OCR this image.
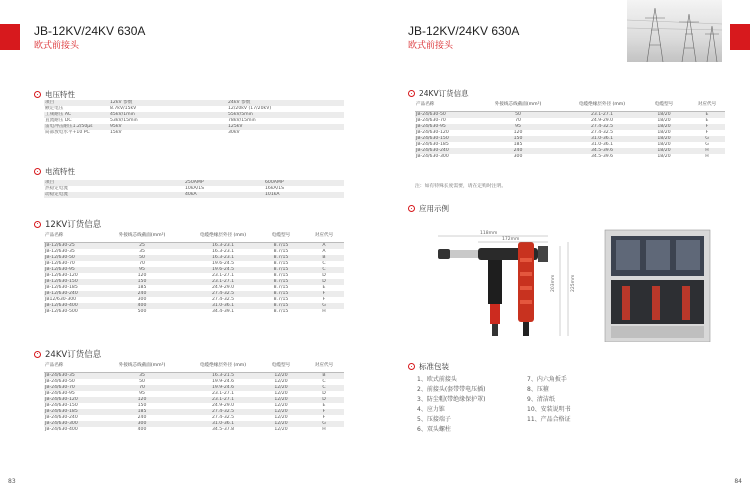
JB-12KV/24KV 630A
欧式前接头
电压特性
项目	12kV 参数	24kV 参数
额定电压	8.7kV/15kV	12/20kV (17/20kV)
工频耐压 AC	45kV/1min	55kV/5min
直流耐压 DC	53kV/15min	78kV/15min
雷电冲击耐压1.2/50μs	95kV	125kV
局部放电水平+10 PC	15kV	30kV
电流特性
项目	250AMP	600AMP
热稳定电流	10kA/1S	16kA/1S
动稳定电流	40kA	101kA
12KV订货信息
产品名称	外接线芯线截面(mm²)	电缆绝缘层外径 (mm)	电缆型号	对应代号
JB-12/630-25	25	16.3-23.1	8.7/15	A
JB-12/630-35	35	16.3-23.1	8.7/15	A
JB-12/630-50	50	16.3-23.1	8.7/15	B
JB-12/630-70	70	19.6-24.5	8.7/15	C
JB-12/630-95	95	19.6-24.5	8.7/15	C
JB-12/630-120	120	23.1-27.1	8.7/15	D
JB-12/630-150	150	23.1-27.1	8.7/15	D
JB-12/630-185	185	24.9-29.0	8.7/15	E
JB-12/630-240	240	27.4-32.5	8.7/15	F
JB12/630-300	300	27.4-32.5	8.7/15	F
JB-12/630-400	400	31.0-36.1	8.7/15	G
JB-12/630-500	500	34.4-39.1	8.7/15	H
24KV订货信息
产品名称	外接线芯线截面(mm²)	电缆绝缘层外径 (mm)	电缆型号	对应代号
JB-24/630-35	35	16.3-21.5	12/20	B
JB-24/630-50	50	19.9-24.6	12/20	C
JB-24/630-70	70	19.9-24.6	12/20	C
JB-24/630-95	95	23.1-27.1	12/20	D
JB-24/630-120	120	23.1-27.1	12/20	D
JB-24/630-150	150	24.9-29.0	12/20	E
JB-24/630-185	185	27.4-32.5	12/20	F
JB-24/630-240	240	27.4-32.5	12/20	F
JB-24/630-300	300	31.0-36.1	12/20	G
JB-24/630-400	400	34.5-37.8	12/20	H
83
JB-12KV/24KV 630A
欧式前接头
24KV订货信息
产品名称	外接线芯线截面(mm²)	电缆绝缘层外径 (mm)	电缆型号	对应代号
JB-24/630-50	50	23.1-27.1	18/20	E
JB-24/630-70	70	24.9-29.0	18/20	E
JB-24/630-95	95	27.4-32.5	18/20	F
JB-24/630-120	120	27.4-32.5	18/20	F
JB-24/630-150	150	31.0-36.1	18/20	G
JB-24/630-185	185	31.0-36.1	18/20	G
JB-24/630-240	240	34.5-39.6	18/20	H
JB-24/630-300	300	34.5-39.6	18/20	H
注：如有特殊长度需要，请在定购时注明。
应用示例
118mm
172mm
203mm	225mm
标准包装
1、欧式前接头
2、前接头(套带带电压插)
3、防尘帽(带绝缘保护罩)
4、应力锥
5、压接端子
6、双头螺柱
7、内六角扳手
8、压箍
9、清洁纸
10、安装说明书
11、产品合格证
84
